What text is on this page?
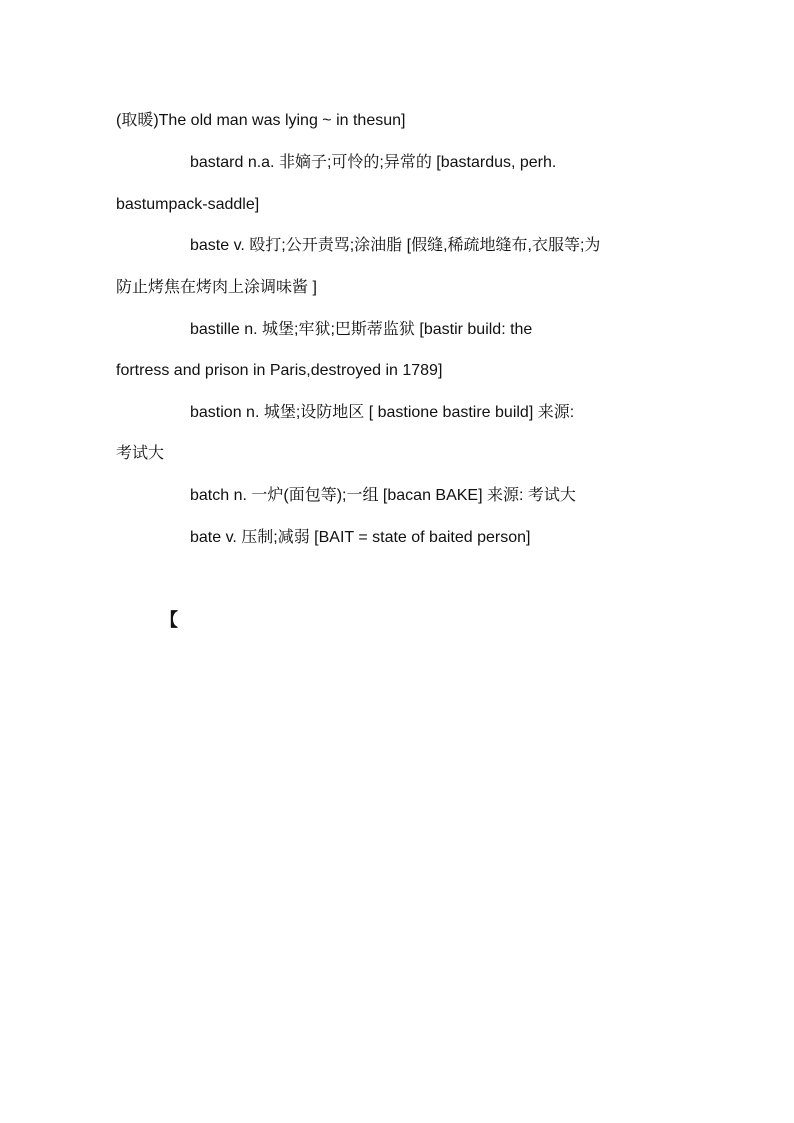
(取暖)The old man was lying ~ in thesun]
bastard n.a. 非嫡子;可怜的;异常的 [bastardus, perh.
bastumpack-saddle]
baste v. 殴打;公开责骂;涂油脂 [假缝,稀疏地缝布,衣服等;为
防止烤焦在烤肉上涂调味酱 ]
bastille n. 城堡;牢狱;巴斯蒂监狱 [bastir build: the
fortress and prison in Paris,destroyed in 1789]
bastion n. 城堡;设防地区 [ bastione bastire build] 来源:
考试大
batch n. 一炉(面包等);一组 [bacan BAKE] 来源: 考试大
bate v. 压制;减弱 [BAIT = state of baited person]
【
